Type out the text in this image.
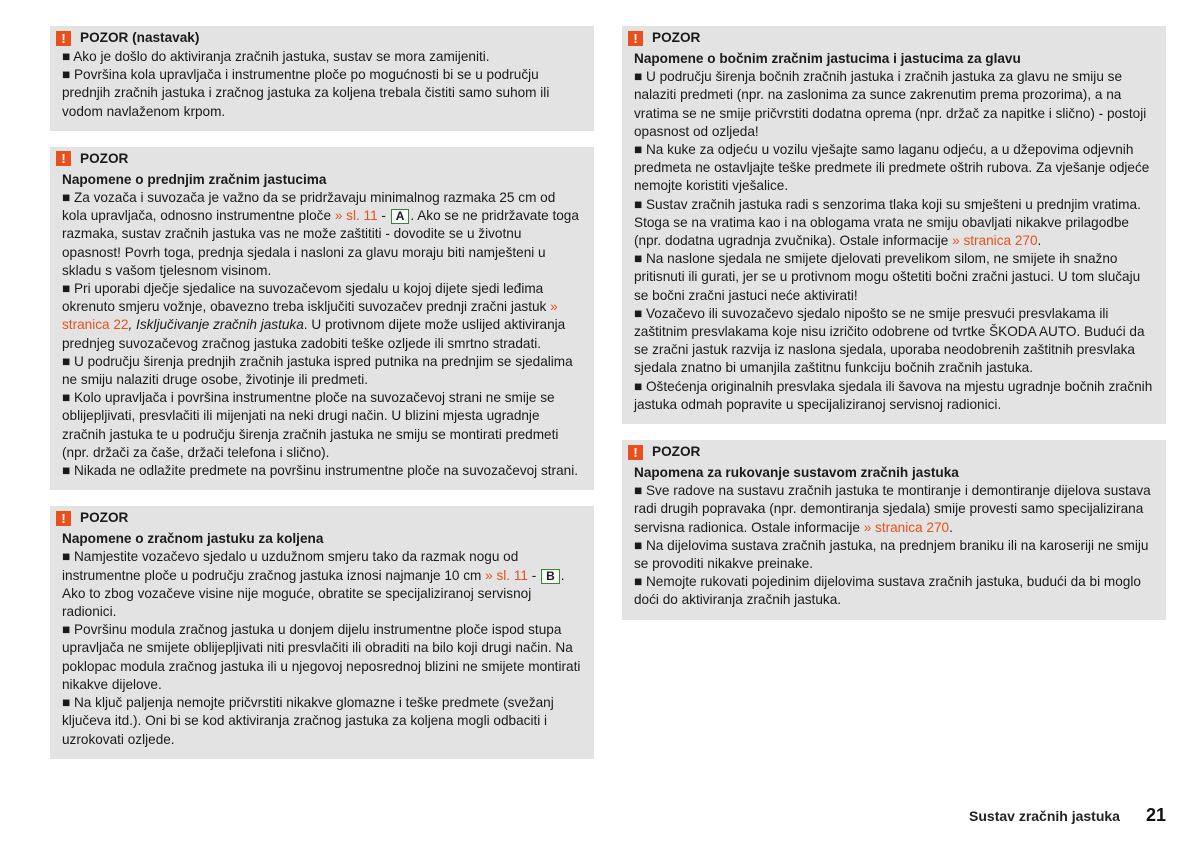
!	POZOR (nastavak)

■ Ako je došlo do aktiviranja zračnih jastuka, sustav se mora zamijeniti.

■ Površina kola upravljača i instrumentne ploče po mogućnosti bi se u području prednjih zračnih jastuka i zračnog jastuka za koljena trebala čistiti samo suhom ili vodom navlaženom krpom.

!	POZOR
Napomene o prednjim zračnim jastucima

■ Za vozača i suvozača je važno da se pridržavaju minimalnog razmaka 25 cm od kola upravljača, odnosno instrumentne ploče » sl. 11 - A . Ako se ne pridržavate toga razmaka, sustav zračnih jastuka vas ne može zaštititi - dovodite se u životnu opasnost! Povrh toga, prednja sjedala i nasloni za glavu moraju biti namješteni u skladu s vašom tjelesnom visinom.

■ Pri uporabi dječje sjedalice na suvozačevom sjedalu u kojoj dijete sjedi leđima okrenuto smjeru vožnje, obavezno treba isključiti suvozačev prednji zračni jastuk » stranica 22, Isključivanje zračnih jastuka. U protivnom dijete može uslijed aktiviranja prednjeg suvozačevog zračnog jastuka zadobiti teške ozljede ili smrtno stradati.

■ U području širenja prednjih zračnih jastuka ispred putnika na prednjim se sjedalima ne smiju nalaziti druge osobe, životinje ili predmeti.

■ Kolo upravljača i površina instrumentne ploče na suvozačevoj strani ne smije se oblijepljivati, presvlačiti ili mijenjati na neki drugi način. U blizini mjesta ugradnje zračnih jastuka te u području širenja zračnih jastuka ne smiju se montirati predmeti (npr. držači za čaše, držači telefona i slično).

■ Nikada ne odlažite predmete na površinu instrumentne ploče na suvozačevoj strani.

!	POZOR
Napomene o zračnom jastuku za koljena

■ Namjestite vozačevo sjedalo u uzdužnom smjeru tako da razmak nogu od instrumentne ploče u području zračnog jastuka iznosi najmanje 10 cm » sl. 11 - B . Ako to zbog vozačeve visine nije moguće, obratite se specijaliziranoj servisnoj radionici.

■ Površinu modula zračnog jastuka u donjem dijelu instrumentne ploče ispod stupa upravljača ne smijete oblijepljivati niti presvlačiti ili obraditi na bilo koji drugi način. Na poklopac modula zračnog jastuka ili u njegovoj neposrednoj blizini ne smijete montirati nikakve dijelove.

■ Na ključ paljenja nemojte pričvrstiti nikakve glomazne i teške predmete (svežanj ključeva itd.). Oni bi se kod aktiviranja zračnog jastuka za koljena mogli odbaciti i uzrokovati ozljede.

!	POZOR
Napomene o bočnim zračnim jastucima i jastucima za glavu

■ U području širenja bočnih zračnih jastuka i zračnih jastuka za glavu ne smiju se nalaziti predmeti (npr. na zaslonima za sunce zakrenutim prema prozorima), a na vratima se ne smije pričvrstiti dodatna oprema (npr. držač za napitke i slično) - postoji opasnost od ozljeda!

■ Na kuke za odjeću u vozilu vješajte samo laganu odjeću, a u džepovima odjevnih predmeta ne ostavljajte teške predmete ili predmete oštrih rubova. Za vješanje odjeće nemojte koristiti vješalice.

■ Sustav zračnih jastuka radi s senzorima tlaka koji su smješteni u prednjim vratima. Stoga se na vratima kao i na oblogama vrata ne smiju obavljati nikakve prilagodbe (npr. dodatna ugradnja zvučnika). Ostale informacije » stranica 270.

■ Na naslone sjedala ne smijete djelovati prevelikom silom, ne smijete ih snažno pritisnuti ili gurati, jer se u protivnom mogu oštetiti bočni zračni jastuci. U tom slučaju se bočni zračni jastuci neće aktivirati!

■ Vozačevo ili suvozačevo sjedalo nipošto se ne smije presvući presvlakama ili zaštitnim presvlakama koje nisu izričito odobrene od tvrtke ŠKODA AUTO. Budući da se zračni jastuk razvija iz naslona sjedala, uporaba neodobrenih zaštitnih presvlaka sjedala znatno bi umanjila zaštitnu funkciju bočnih zračnih jastuka.

■ Oštećenja originalnih presvlaka sjedala ili šavova na mjestu ugradnje bočnih zračnih jastuka odmah popravite u specijaliziranoj servisnoj radionici.

!	POZOR
Napomena za rukovanje sustavom zračnih jastuka

■ Sve radove na sustavu zračnih jastuka te montiranje i demontiranje dijelova sustava radi drugih popravaka (npr. demontiranja sjedala) smije provesti samo specijalizirana servisna radionica. Ostale informacije » stranica 270.

■ Na dijelovima sustava zračnih jastuka, na prednjem braniku ili na karoseriji ne smiju se provoditi nikakve preinake.

■ Nemojte rukovati pojedinim dijelovima sustava zračnih jastuka, budući da bi moglo doći do aktiviranja zračnih jastuka.

Sustav zračnih jastuka 21
